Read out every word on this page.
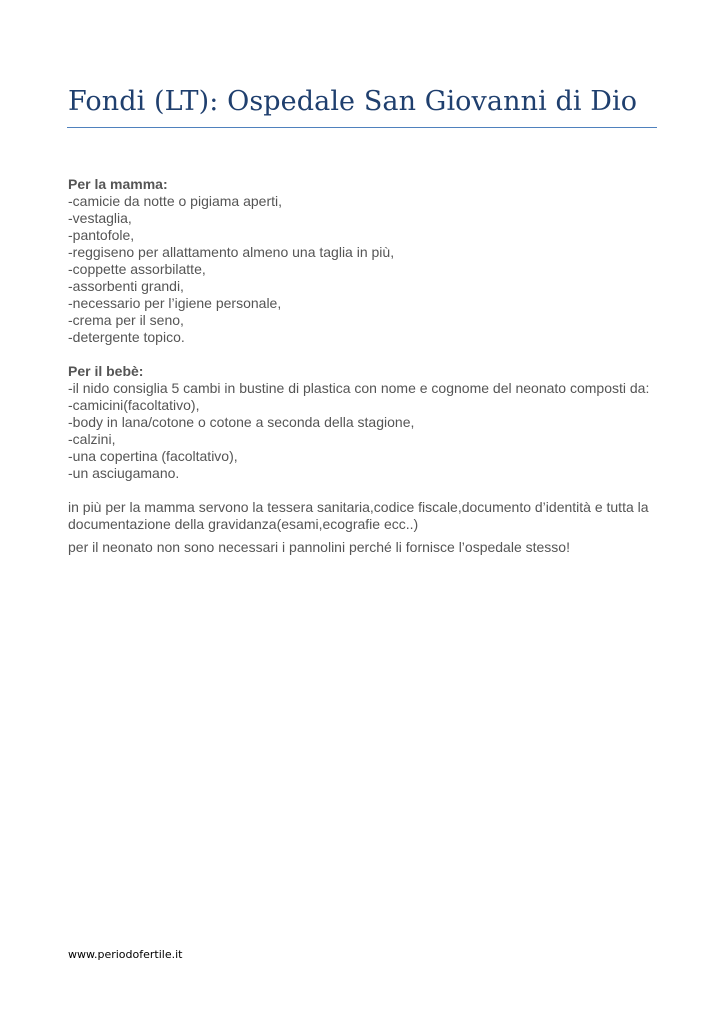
Fondi (LT): Ospedale San Giovanni di Dio

Per la mamma:

-camicie da notte o pigiama aperti,

-vestaglia,

-pantofole,

-reggiseno per allattamento almeno una taglia in più,

-coppette assorbilatte,

-assorbenti grandi,

-necessario per l’igiene personale,

-crema per il seno,

-detergente topico.

Per il bebè:

-il nido consiglia 5 cambi in bustine di plastica con nome e cognome del neonato composti da:

-camicini(facoltativo),

-body in lana/cotone o cotone a seconda della stagione,

-calzini,

-una copertina (facoltativo),

-un asciugamano.

in più per la mamma servono la tessera sanitaria,codice fiscale,documento d’identità e tutta la documentazione della gravidanza(esami,ecografie ecc..)

per il neonato non sono necessari i pannolini perché li fornisce l’ospedale stesso!

www.periodofertile.it
